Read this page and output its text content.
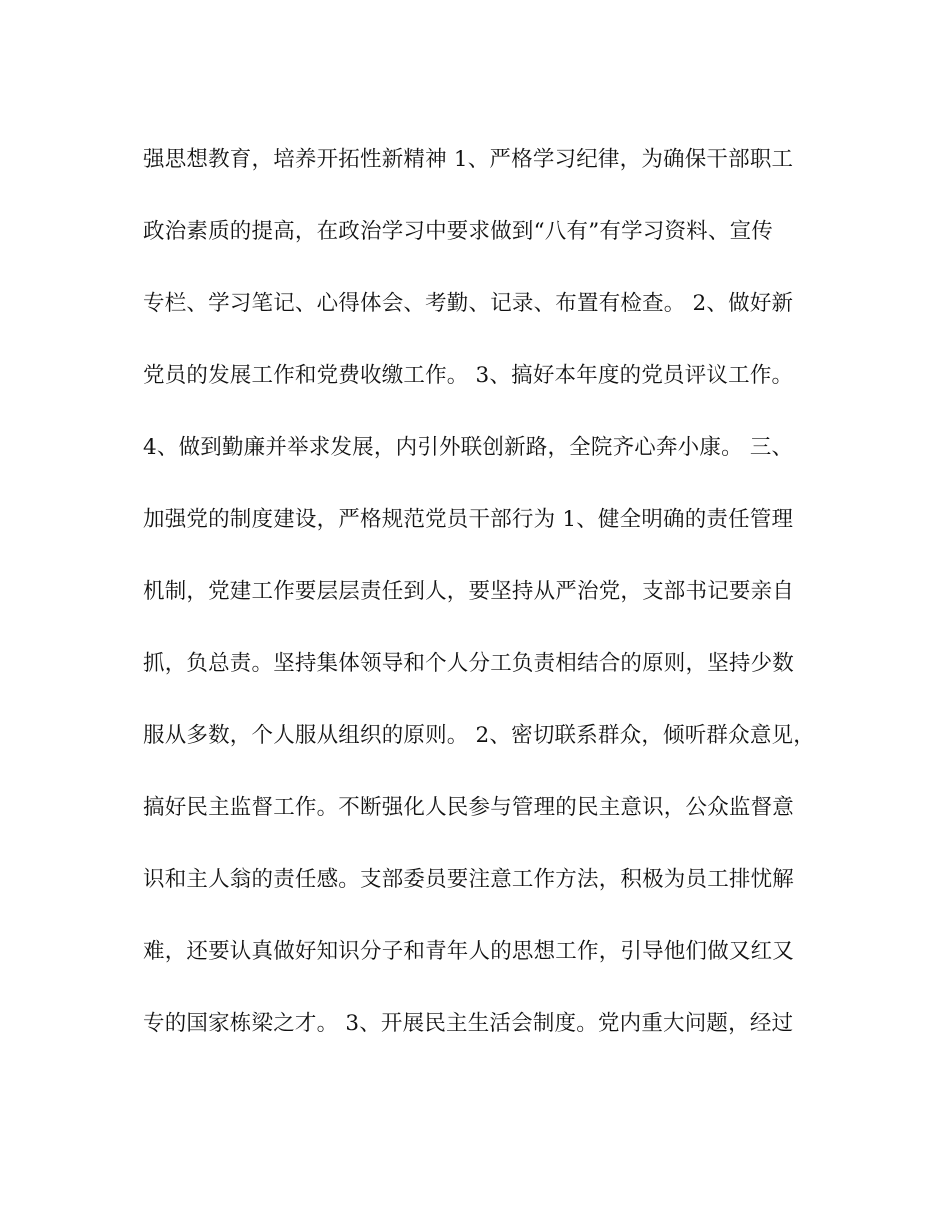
强思想教育，培养开拓性新精神 1、严格学习纪律，为确保干部职工
政治素质的提高，在政治学习中要求做到“八有”有学习资料、宣传
专栏、学习笔记、心得体会、考勤、记录、布置有检查。 2、做好新
党员的发展工作和党费收缴工作。 3、搞好本年度的党员评议工作。
4、做到勤廉并举求发展，内引外联创新路，全院齐心奔小康。 三、
加强党的制度建设，严格规范党员干部行为 1、健全明确的责任管理
机制，党建工作要层层责任到人，要坚持从严治党，支部书记要亲自
抓，负总责。坚持集体领导和个人分工负责相结合的原则，坚持少数
服从多数，个人服从组织的原则。 2、密切联系群众，倾听群众意见，
搞好民主监督工作。不断强化人民参与管理的民主意识，公众监督意
识和主人翁的责任感。支部委员要注意工作方法，积极为员工排忧解
难，还要认真做好知识分子和青年人的思想工作，引导他们做又红又
专的国家栋梁之才。 3、开展民主生活会制度。党内重大问题，经过
